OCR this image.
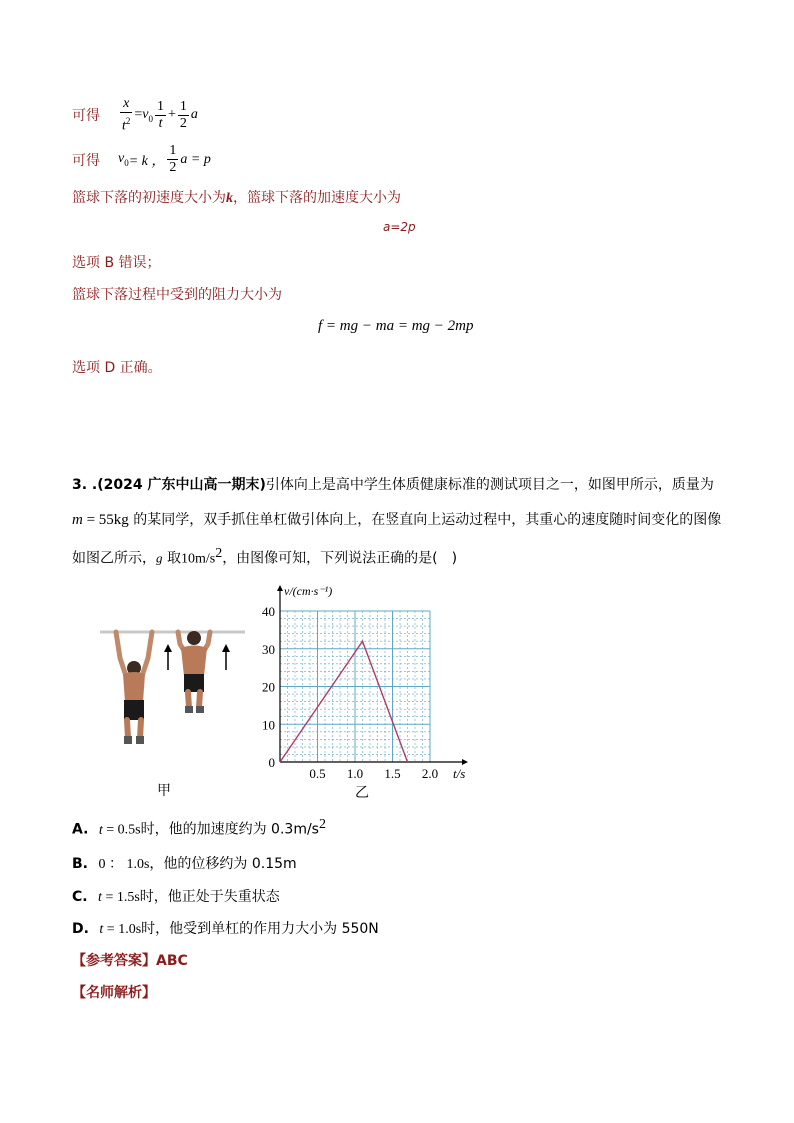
可得 $\frac{x}{t^2} = v_0 \frac{1}{t} + \frac{1}{2}$ a
可得 $v_0 = k$ ， $\frac{1}{2}$ a = p
篮球下落的初速度大小为k，篮球下落的加速度大小为
a=2p
选项 B 错误；
篮球下落过程中受到的阻力大小为
f = mg − ma = mg − 2mp
选项 D 正确。
3. .(2024 广东中山高一期末)引体向上是高中学生体质健康标准的测试项目之一，如图甲所示，质量为
m = 55kg 的某同学，双手抓住单杠做引体向上，在竖直向上运动过程中，其重心的速度随时间变化的图像
如图乙所示，g 取$10m/s^2$，由图像可知，下列说法正确的是(　)
甲
v/(cm·s⁻¹)
t/s
0
10
20
30
40
0.5 1.0 1.5 2.0
乙
A. t = 0.5s时，他的加速度约为 $0.3m/s^2$
B. 0 ： 1.0s，他的位移约为 0.15m
C. t = 1.5s时，他正处于失重状态
D. t = 1.0s时，他受到单杠的作用力大小为 550N
【参考答案】ABC
【名师解析】
